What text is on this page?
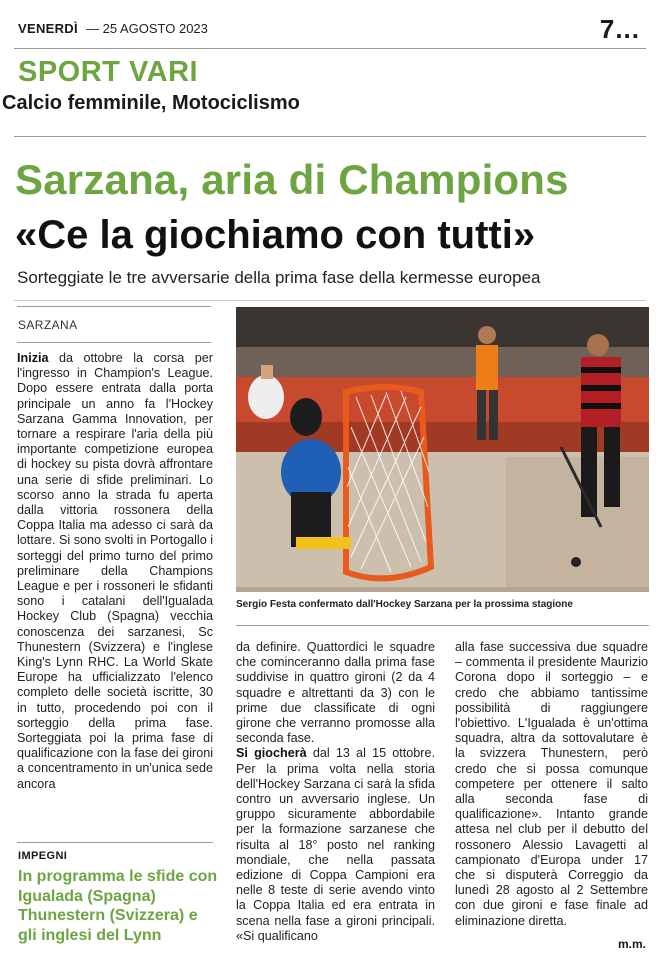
VENERDÌ — 25 AGOSTO 2023	7...
SPORT VARI
Calcio femminile, Motociclismo
Sarzana, aria di Champions
«Ce la giochiamo con tutti»
Sorteggiate le tre avversarie della prima fase della kermesse europea
SARZANA
Inizia da ottobre la corsa per l'ingresso in Champion's League. Dopo essere entrata dalla porta principale un anno fa l'Hockey Sarzana Gamma Innovation, per tornare a respirare l'aria della più importante competizione europea di hockey su pista dovrà affrontare una serie di sfide preliminari. Lo scorso anno la strada fu aperta dalla vittoria rossonera della Coppa Italia ma adesso ci sarà da lottare. Si sono svolti in Portogallo i sorteggi del primo turno del primo preliminare della Champions League e per i rossoneri le sfidanti sono i catalani dell'Igualada Hockey Club (Spagna) vecchia conoscenza dei sarzanesi, Sc Thunestern (Svizzera) e l'inglese King's Lynn RHC. La World Skate Europe ha ufficializzato l'elenco completo delle società iscritte, 30 in tutto, procedendo poi con il sorteggio della prima fase. Sorteggiata poi la prima fase di qualificazione con la fase dei gironi a concentramento in un'unica sede ancora
Sergio Festa confermato dall'Hockey Sarzana per la prossima stagione
da definire. Quattordici le squadre che cominceranno dalla prima fase suddivise in quattro gironi (2 da 4 squadre e altrettanti da 3) con le prime due classificate di ogni girone che verranno promosse alla seconda fase.
Si giocherà dal 13 al 15 ottobre. Per la prima volta nella storia dell'Hockey Sarzana ci sarà la sfida contro un avversario inglese. Un gruppo sicuramente abbordabile per la formazione sarzanese che risulta al 18° posto nel ranking mondiale, che nella passata edizione di Coppa Campioni era nelle 8 teste di serie avendo vinto la Coppa Italia ed era entrata in scena nella fase a gironi principali. «Si qualificano
alla fase successiva due squadre – commenta il presidente Maurizio Corona dopo il sorteggio – e credo che abbiamo tantissime possibilità di raggiungere l'obiettivo. L'Igualada è un'ottima squadra, altra da sottovalutare è la svizzera Thunestern, però credo che si possa comunque competere per ottenere il salto alla seconda fase di qualificazione». Intanto grande attesa nel club per il debutto del rossonero Alessio Lavagetti al campionato d'Europa under 17 che si disputerà Correggio da lunedì 28 agosto al 2 Settembre con due gironi e fase finale ad eliminazione diretta.
IMPEGNI
In programma le sfide con Igualada (Spagna) Thunestern (Svizzera) e gli inglesi del Lynn
m.m.
